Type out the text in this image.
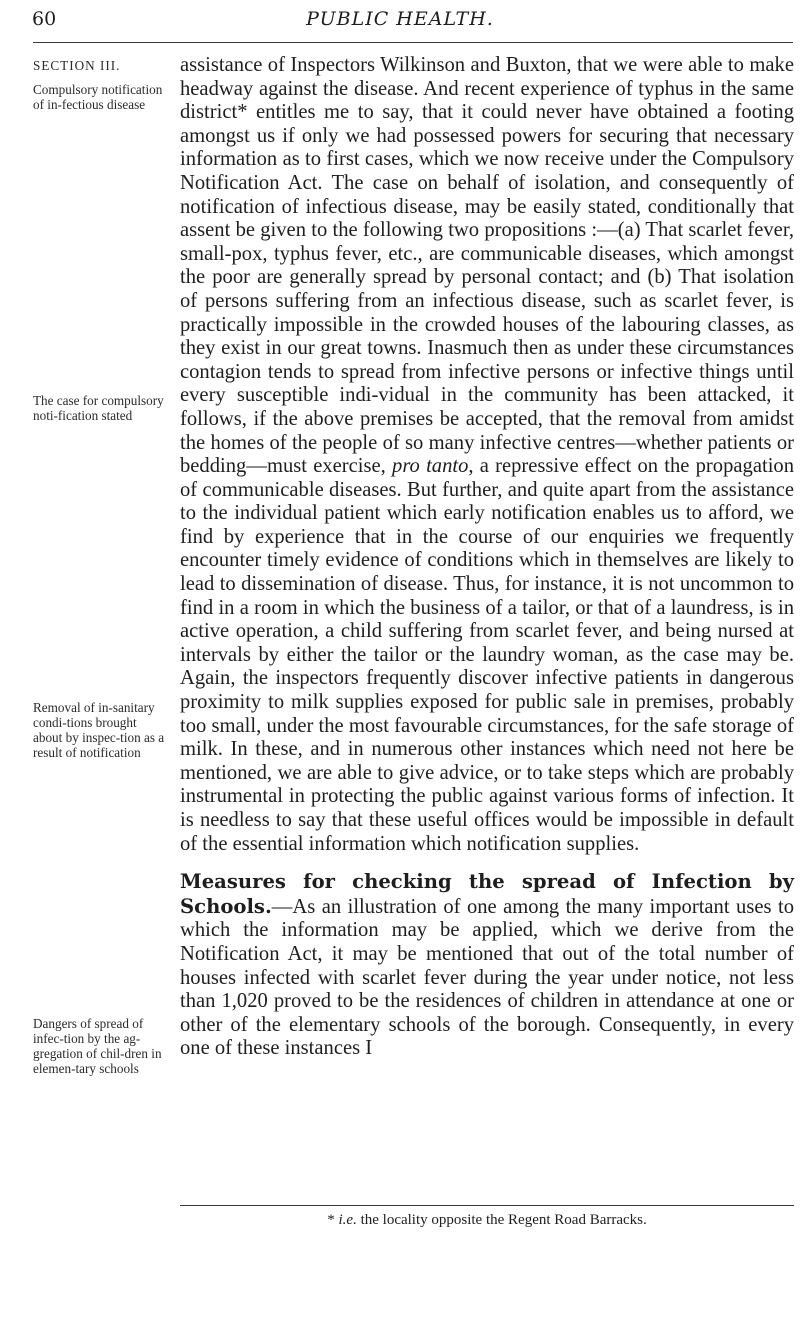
60	PUBLIC HEALTH.
SECTION III.
Compulsory notification of in-fectious disease
The case for compulsory noti-fication stated
Removal of in-sanitary condi-tions brought about by inspec-tion as a result of notification
Dangers of spread of infec-tion by the ag-gregation of chil-dren in elemen-tary schools

assistance of Inspectors Wilkinson and Buxton, that we were able to make headway against the disease. And recent experience of typhus in the same district* entitles me to say, that it could never have obtained a footing amongst us if only we had possessed powers for securing that necessary information as to first cases, which we now receive under the Compulsory Notification Act. The case on behalf of isolation, and consequently of notification of infectious disease, may be easily stated, conditionally that assent be given to the following two propositions :—(a) That scarlet fever, small-pox, typhus fever, etc., are communicable diseases, which amongst the poor are generally spread by personal contact; and (b) That isolation of persons suffering from an infectious disease, such as scarlet fever, is practically impossible in the crowded houses of the labouring classes, as they exist in our great towns. Inasmuch then as under these circumstances contagion tends to spread from infective persons or infective things until every susceptible indi-vidual in the community has been attacked, it follows, if the above premises be accepted, that the removal from amidst the homes of the people of so many infective centres—whether patients or bedding—must exercise, pro tanto, a repressive effect on the propagation of communicable diseases. But further, and quite apart from the assistance to the individual patient which early notification enables us to afford, we find by experience that in the course of our enquiries we frequently encounter timely evidence of conditions which in themselves are likely to lead to dissemination of disease. Thus, for instance, it is not uncommon to find in a room in which the business of a tailor, or that of a laundress, is in active operation, a child suffering from scarlet fever, and being nursed at intervals by either the tailor or the laundry woman, as the case may be. Again, the inspectors frequently discover infective patients in dangerous proximity to milk supplies exposed for public sale in premises, probably too small, under the most favourable circumstances, for the safe storage of milk. In these, and in numerous other instances which need not here be mentioned, we are able to give advice, or to take steps which are probably instrumental in protecting the public against various forms of infection. It is needless to say that these useful offices would be impossible in default of the essential information which notification supplies.

Measures for checking the spread of Infection by Schools.—As an illustration of one among the many important uses to which the information may be applied, which we derive from the Notification Act, it may be mentioned that out of the total number of houses infected with scarlet fever during the year under notice, not less than 1,020 proved to be the residences of children in attendance at one or other of the elementary schools of the borough. Consequently, in every one of these instances I

* i.e. the locality opposite the Regent Road Barracks.
